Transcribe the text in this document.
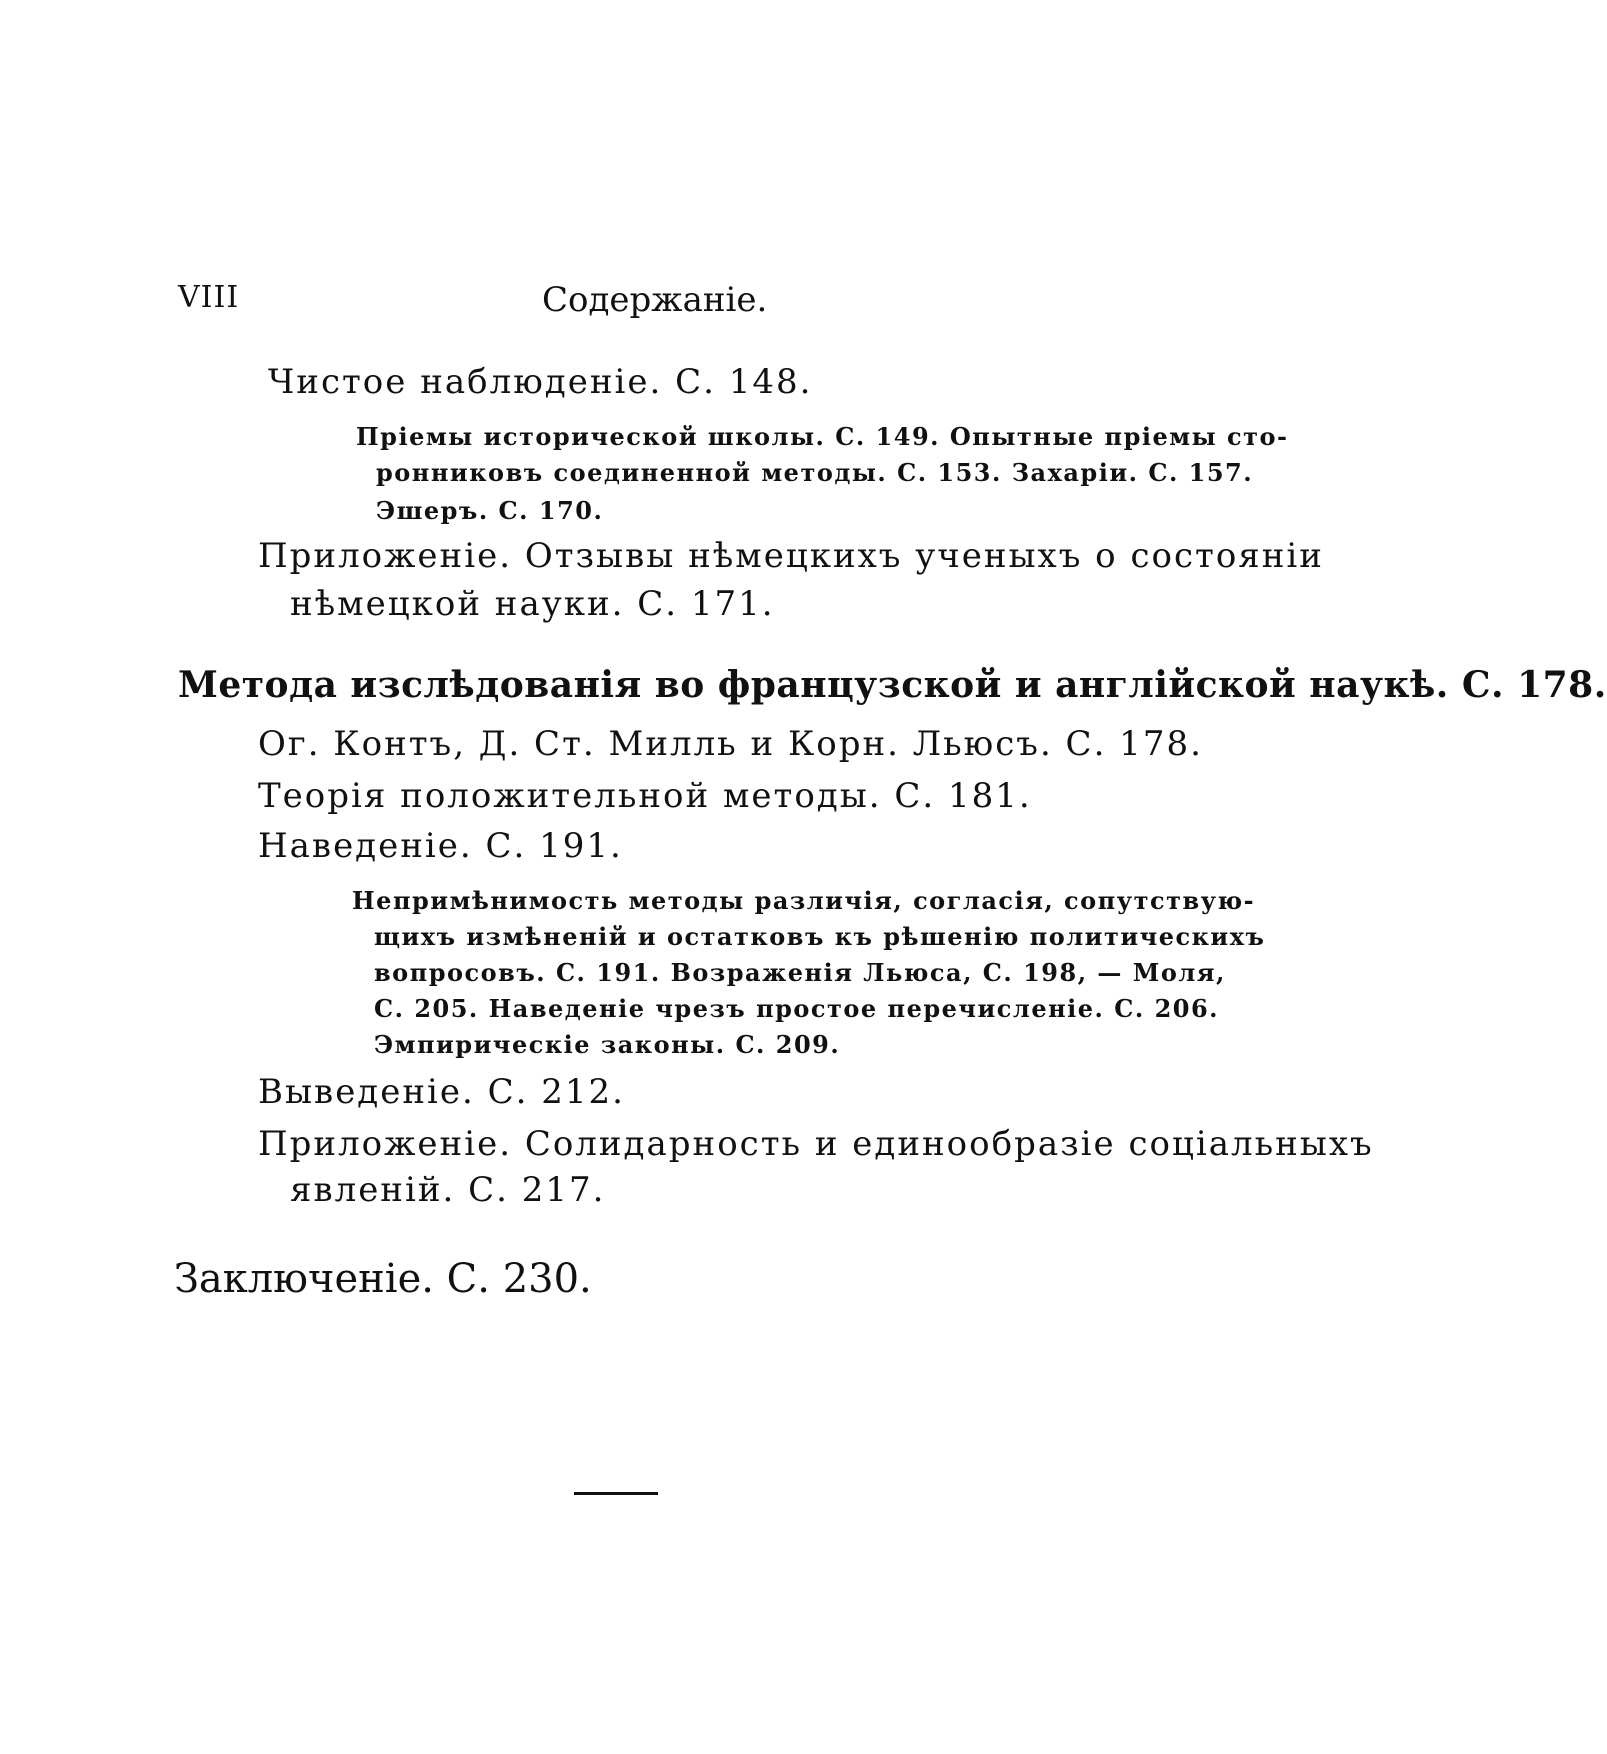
VIII	Содержаніе.
Чистое наблюденіе. С. 148.
Пріемы исторической школы. С. 149. Опытные пріемы сто-
ронниковъ соединенной методы. С. 153. Захаріи. С. 157.
Эшеръ. С. 170.
Приложеніе. Отзывы нѣмецкихъ ученыхъ о состояніи
нѣмецкой науки. С. 171.
Метода изслѣдованія во французской и англійской наукѣ. С. 178.
Ог. Контъ, Д. Ст. Милль и Корн. Льюсъ. С. 178.
Теорія положительной методы. С. 181.
Наведеніе. С. 191.
Непримѣнимость методы различія, согласія, сопутствую-
щихъ измѣненій и остатковъ къ рѣшенію политическихъ
вопросовъ. С. 191. Возраженія Льюса, С. 198, — Моля,
С. 205. Наведеніе чрезъ простое перечисленіе. С. 206.
Эмпирическіе законы. С. 209.
Выведеніе. С. 212.
Приложеніе. Солидарность и единообразіе соціальныхъ
явленій. С. 217.
Заключеніе. С. 230.
